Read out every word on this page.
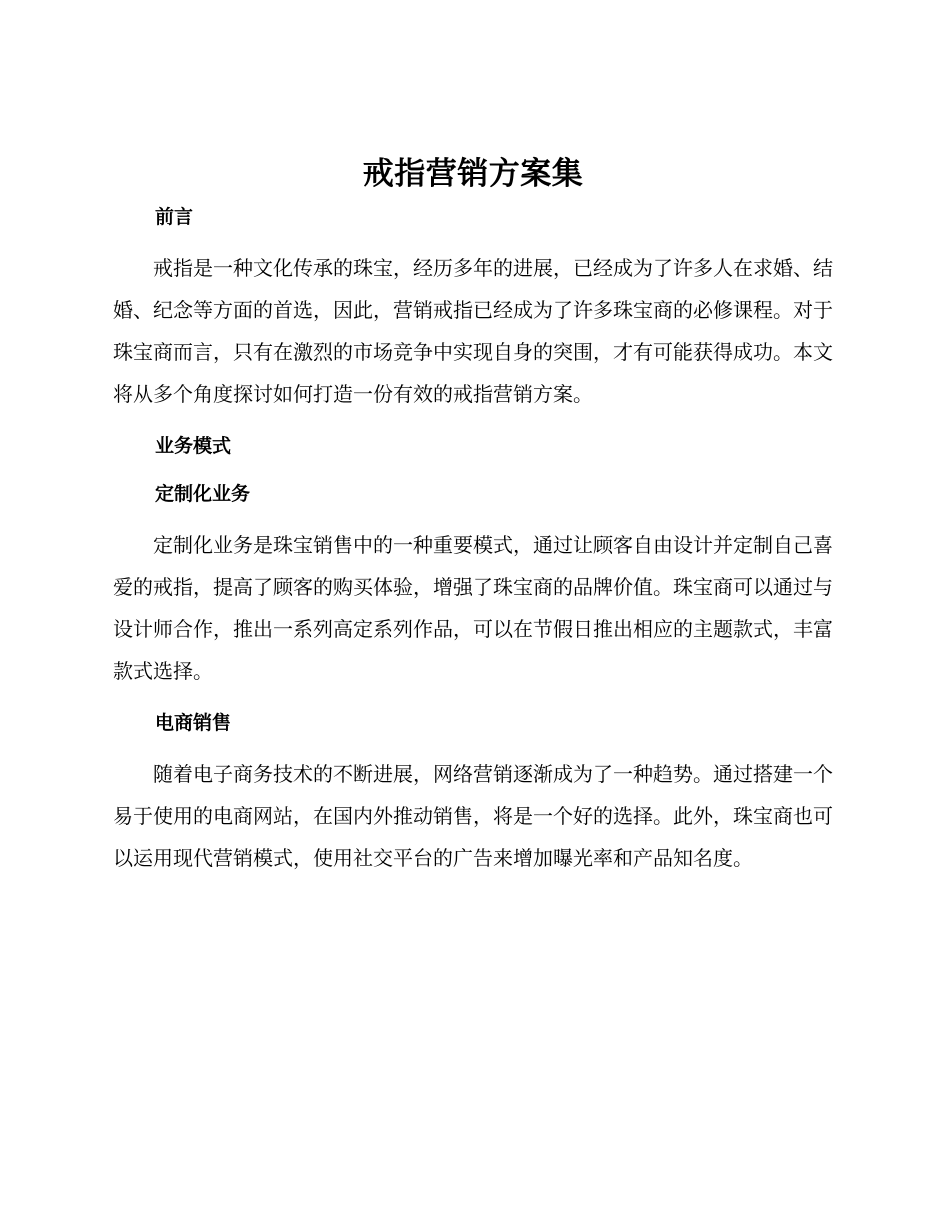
戒指营销方案集
前言

戒指是一种文化传承的珠宝，经历多年的进展，已经成为了许多人在求婚、结婚、纪念等方面的首选，因此，营销戒指已经成为了许多珠宝商的必修课程。对于珠宝商而言，只有在激烈的市场竞争中实现自身的突围，才有可能获得成功。本文将从多个角度探讨如何打造一份有效的戒指营销方案。

业务模式
定制化业务

定制化业务是珠宝销售中的一种重要模式，通过让顾客自由设计并定制自己喜爱的戒指，提高了顾客的购买体验，增强了珠宝商的品牌价值。珠宝商可以通过与设计师合作，推出一系列高定系列作品，可以在节假日推出相应的主题款式，丰富款式选择。

电商销售

随着电子商务技术的不断进展，网络营销逐渐成为了一种趋势。通过搭建一个易于使用的电商网站，在国内外推动销售，将是一个好的选择。此外，珠宝商也可以运用现代营销模式，使用社交平台的广告来增加曝光率和产品知名度。
